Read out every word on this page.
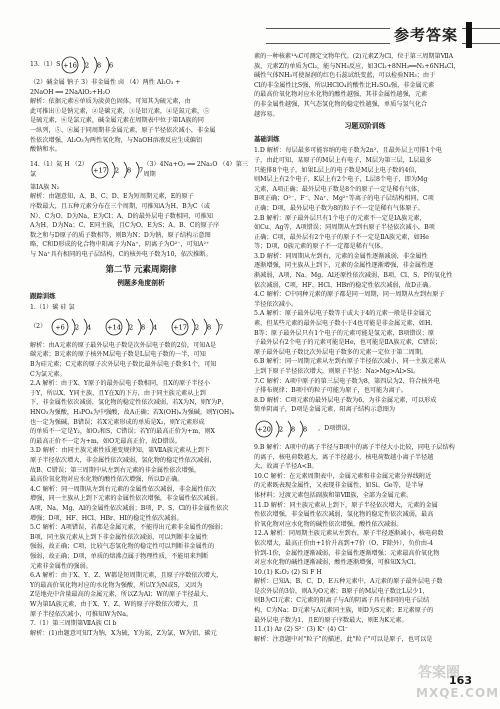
参考答案
13.（1）S +16 2 8 6
（2）碱金属 钠子 3）非金属性 卤 （4）两性 Al₂O₃ +
2NaOH ══ 2NaAlO₂+H₂O
解析：依据元素⑥单质为淡黄色固体，可知其为硫元素，由
此可推出①是钠元素，②是碳元素，③是铝元素，④是氮元素，⑤
是硫元素，⑥是氯元素，碱金属元素在周期表中位于第ⅠA族的同
一纵列，⑤、⑥属于同周期非金属元素，原子半径依次减小，非金属
性依次增强，Al₂O₃为两性氧化物，与NaOH溶液反应生成偏铝
酸钠和水。
14.（1）氦 H （2）氯	+17 2 8 7
（3）4Na+O₂ ══ 2Na₂O （4）第三周期
第ⅠA族 N₂
解析：由题意知，A、B、C、D、E为短周期元素，E的原子
序数最大，且五种元素分布在三个周期，可推知A为H、B为C（或
N）、C为O、D为Na、E为Cl；A、D的最外层电子数相同，可推知
A为H、D为Na；C、E同主族，且C为O，E为S；A、B、C的原子序
数之和与D原子的质子数相等，则B为N；D为钠，原子结构示意图
略，C和D形成的化合物中阳离子为Na⁺，阴离子为O²⁻，可知A²⁺
与 Na⁺具有相同的电子层结构，C的核外电子数为10，依次推断。
第二节 元素周期律
例题多角度剖析
跟踪训练
1.（1）碳 硅 氯
（2） +6 2 4 +14 2 8 4 +17 2 8 7
解析：由A元素的原子最外层电子数是次外层电子数的2倍，可知A是
碳元素；B元素的原子核外M层电子数是L层电子数的一半，可知
B为硅元素；C元素的原子次外层电子数比最外层电子数多1个，可知
C为氯元素。
2.A 解析：由于X、Y原子的最外层电子数相同，且X的原子半径小
于Y，所以X、Y同主族，且Y在X的下方，由于同主族元素从上到
下，非金属性依次减弱，氢化物的稳定性依次减弱，若X为N，则Y为P，
HNO₃为强酸，H₃PO₄为中强酸，故A正确；若X(OH)ₙ为强碱，则Y(OH)ₙ
也一定为强碱，B错误；若X元素形成的单质是X₂，则Y元素形成
的单质不一定是Y₂，如O₂和S，C错误；若Y的最高正价为+m，则X
的最高正价不一定为+m，如O无最高正价，故D错误。
3.D 解析：由同主族元素性质递变规律知，第ⅦA族元素从上到下
原子半径依次增大，非金属性依次减弱，氢化物的稳定性依次减弱，
故B、C错误；第三周期中从左到右元素的非金属性依次增强，
最高价氧化物对应水化物的酸性依次增强，所以D正确。
4.C 解析：同一周期从左到右元素的金属性依次减弱，非金属性依次
增强，同一主族从上到下元素的金属性依次增强，非金属性依次减弱。
A项，Na、Mg、Al的金属性依次减弱；B项，P、S、Cl的非金属性依次
增强；D项，HF、HCl、HBr、HI的稳定性依次减弱。
5.C 解析：A项错误，若都是金属元素，不能得出元素非金属性的强弱；
B项，同主族元素从上到下非金属性依次减弱，可以判断非金属性
强弱，故正确；C项，比较气态氢化物的稳定性可以判断非金属性的
强弱，故正确；D项，单质的熔沸点属于物理性质，不能用来判断
元素非金属性的强弱。
6.A 解析：由于X、Y、Z、W都是短周期元素，且原子序数依次增大，
Y的最高价氧化物对应的水化物为强酸，所以Y为N或S，又因为
Z是地壳中含量最高的金属元素，所以Z为Al；W的原子半径最大，
W为第ⅠA族元素，由于X、Y、Z、W的原子序数依次增大，且
原子半径依次减小，可推知W为Na。
7.（1）第三周期第ⅦA族 Cl b
解析：(1)由题意可知T为钠，X为硫，Y为氮，Z为氯，W为铝，碳元
素的一种核素¹⁴₆C可测定文物年代。(2)元素Z为Cl，位于第三周期第ⅦA
族，元素Z的单质为Cl₂，能与NH₃反应，如3Cl₂+8NH₃══N₂+6NH₄Cl，
碱性气体NH₃可使湿润的红色石蕊试纸变蓝，可以检验NH₃；由于
Cl的非金属性比S强，所以HClO₄的酸性比H₂SO₄强，非金属元素
的最高价氧化物对应水化物的酸性越强，其非金属性越强，元素
的非金属性越强，其气态氢化物的稳定性越强，单质与氢气化合
越容易。
习题双阶训练
基础训练
1.D 解析：每层最多可能容纳的电子数为2n²，且最外层上可排1个电
子，由此可知，某原子的M层上有电子，M层为第三层，L层最多
只能排8个电子，如果L层上的电子数是M层上电子数的4倍，
则M层上有2个电子，K层上有2个电子，L层8个电子，即为Mg
元素，A项正确；最外层电子数是8个的原子一定是稀有气体，
B项正确；O²⁻、F⁻、Na⁺、Mg²⁺等离子的电子层结构相同，C项
正确；D项，最外层电子数为8的粒子不一定是稀有气体原子。
2.B 解析：原子最外层只有1个电子的元素不一定是ⅠA族元素，
如Cu、Ag等，A项错误；同周期从左到右原子半径依次减小，B项
正确；C项，最外层有2个电子的原子不一定是ⅡA族元素，如He
等；D项，0族元素的原子不一定都是稀有气体。
3.D 解析：同周期从左到右，元素的金属性逐渐减弱，非金属性
逐渐增强，同主族从上到下，元素的金属性逐渐增强，非金属性逐
渐减弱，A项，Na、Mg、Al还原性依次减弱，B项，Cl、S、P的氧化性
依次减弱，C项，HF、HCl、HBr的稳定性依次减弱，故D正确。
4.C 解析：C中同种元素的原子都是同一周期，同一周期从左到右原子
半径依次减小。
5.A 解析：原子最外层电子数等于或大于4的元素一般是非金属元
素，但某些元素的最外层电子数小于4也可能是非金属元素，如H、
B等；原子最外层只有1个电子的元素可能是氢元素，B项错误；原
子最外层有2个电子的元素可能是He，也可能是ⅡA族元素，C错误；
原子最外层电子数比次外层电子数多的元素一定位于第二周期。
6.B 解析：同一周期元素从左到右原子半径依次减小，同一主族元素从
上到下原子半径依次增大，则原子半径：Na>Mg>Al>Si。
7.C 解析：A项中原子的第三层电子数为8，第四层为2，符合核外电
子排布规律；B项中的粒子可能为原子，也可能为离子。
8.D 解析：C项元素的最外层电子数为6，为非金属元素，可以形成
简单阴离子，D项是金属元素，阳离子结构示意图为
+20 2 8 8 ，D项错误。
9.B 解析：A项中的离子半径与B项中的离子半径大小比较，同电子层结构
的离子，核电荷数越大，离子半径越小，核电荷数越小离子半径越
大，故离子半径A<B。
10.C 解析：在元素周期表中，金属元素和非金属元素分界线附近
的元素既表现金属性，又表现非金属性，如Si、Ge等，是半导
体材料；过渡元素包括副族和第Ⅷ族，全部为金属元素。
11.D 解析：同主族元素从上到下，原子半径依次增大，元素的金属
性依次增强，非金属性依次减弱，氢化物的稳定性依次减弱，最高
价氧化物对应水化物的碱性依次增强，酸性依次减弱。
12.A 解析：同周期主族元素从左到右，原子半径逐渐减小，核电荷数
依次增大，最高正价由+1价升高到+7价（O、F除外），负价由-4
价到-1价，金属性逐渐减弱，非金属性逐渐增强；元素最高价氧化物
对应水化物的碱性逐渐减弱，酸性逐渐增强，可推知X为Cl。
10.(1) K₂O₂ (2) Si F H
解析：已知A、B、C、D、E五种元素中，A元素的原子最外层电子数
是次外层的3倍，则A为O元素；B原子的M层电子数比L层少1，
则B为Cl元素；C元素的阳离子与A的阴离子具有相同的电子层结
构，C为Na；D元素与A元素同主族，则D为S元素；E元素原子的
最外层电子数为1，且E的原子序数最大，则E为K元素。
11.(1) Ar (2) S²⁻ (3) K⁺ (4) Cl⁻
解析：注意题中对"粒子"的描述，此"粒子"可以是原子，也可以是
163
答案圈
MXQE.COM
